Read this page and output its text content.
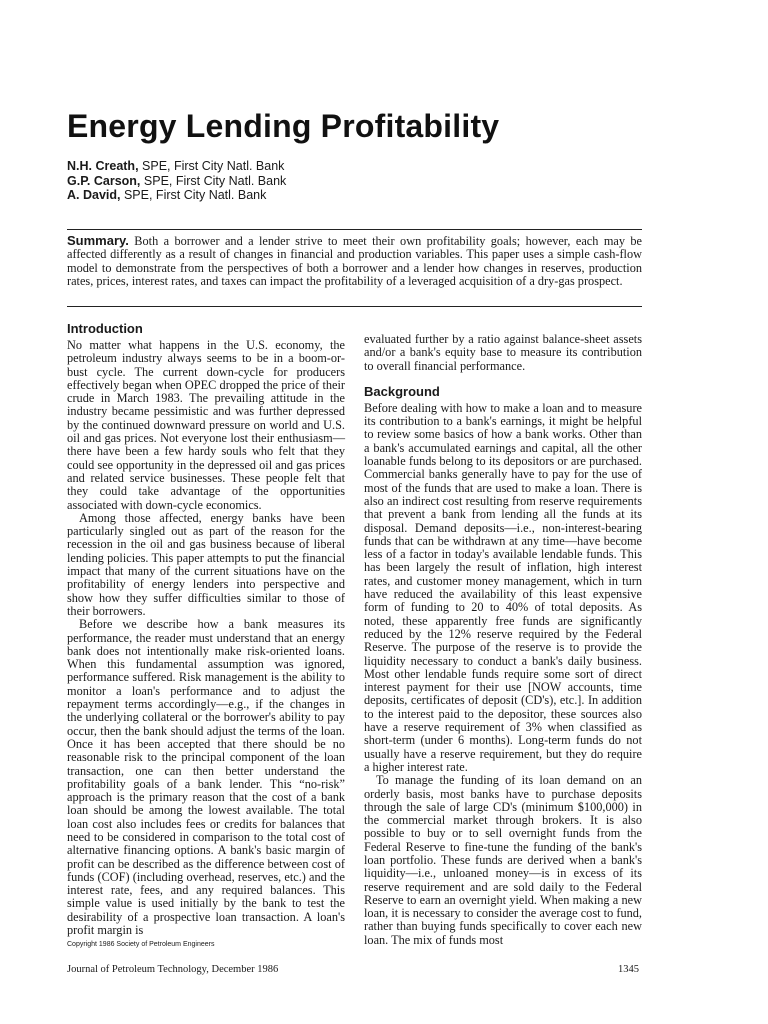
Energy Lending Profitability
N.H. Creath, SPE, First City Natl. Bank
G.P. Carson, SPE, First City Natl. Bank
A. David, SPE, First City Natl. Bank

Summary. Both a borrower and a lender strive to meet their own profitability goals; however, each may be affected differently as a result of changes in financial and production variables. This paper uses a simple cash-flow model to demonstrate from the perspectives of both a borrower and a lender how changes in reserves, production rates, prices, interest rates, and taxes can impact the profitability of a leveraged acquisition of a dry-gas prospect.

Introduction

No matter what happens in the U.S. economy, the petroleum industry always seems to be in a boom-or-bust cycle. The current down-cycle for producers effectively began when OPEC dropped the price of their crude in March 1983. The prevailing attitude in the industry became pessimistic and was further depressed by the continued downward pressure on world and U.S. oil and gas prices. Not everyone lost their enthusiasm—there have been a few hardy souls who felt that they could see opportunity in the depressed oil and gas prices and related service businesses. These people felt that they could take advantage of the opportunities associated with down-cycle economics.

Among those affected, energy banks have been particularly singled out as part of the reason for the recession in the oil and gas business because of liberal lending policies. This paper attempts to put the financial impact that many of the current situations have on the profitability of energy lenders into perspective and show how they suffer difficulties similar to those of their borrowers.

Before we describe how a bank measures its performance, the reader must understand that an energy bank does not intentionally make risk-oriented loans. When this fundamental assumption was ignored, performance suffered. Risk management is the ability to monitor a loan's performance and to adjust the repayment terms accordingly—e.g., if the changes in the underlying collateral or the borrower's ability to pay occur, then the bank should adjust the terms of the loan. Once it has been accepted that there should be no reasonable risk to the principal component of the loan transaction, one can then better understand the profitability goals of a bank lender. This “no-risk” approach is the primary reason that the cost of a bank loan should be among the lowest available. The total loan cost also includes fees or credits for balances that need to be considered in comparison to the total cost of alternative financing options. A bank's basic margin of profit can be described as the difference between cost of funds (COF) (including overhead, reserves, etc.) and the interest rate, fees, and any required balances. This simple value is used initially by the bank to test the desirability of a prospective loan transaction. A loan's profit margin is

evaluated further by a ratio against balance-sheet assets and/or a bank's equity base to measure its contribution to overall financial performance.

Background

Before dealing with how to make a loan and to measure its contribution to a bank's earnings, it might be helpful to review some basics of how a bank works. Other than a bank's accumulated earnings and capital, all the other loanable funds belong to its depositors or are purchased. Commercial banks generally have to pay for the use of most of the funds that are used to make a loan. There is also an indirect cost resulting from reserve requirements that prevent a bank from lending all the funds at its disposal. Demand deposits—i.e., non-interest-bearing funds that can be withdrawn at any time—have become less of a factor in today's available lendable funds. This has been largely the result of inflation, high interest rates, and customer money management, which in turn have reduced the availability of this least expensive form of funding to 20 to 40% of total deposits. As noted, these apparently free funds are significantly reduced by the 12% reserve required by the Federal Reserve. The purpose of the reserve is to provide the liquidity necessary to conduct a bank's daily business. Most other lendable funds require some sort of direct interest payment for their use [NOW accounts, time deposits, certificates of deposit (CD's), etc.]. In addition to the interest paid to the depositor, these sources also have a reserve requirement of 3% when classified as short-term (under 6 months). Long-term funds do not usually have a reserve requirement, but they do require a higher interest rate.

To manage the funding of its loan demand on an orderly basis, most banks have to purchase deposits through the sale of large CD's (minimum $100,000) in the commercial market through brokers. It is also possible to buy or to sell overnight funds from the Federal Reserve to fine-tune the funding of the bank's loan portfolio. These funds are derived when a bank's liquidity—i.e., unloaned money—is in excess of its reserve requirement and are sold daily to the Federal Reserve to earn an overnight yield. When making a new loan, it is necessary to consider the average cost to fund, rather than buying funds specifically to cover each new loan. The mix of funds most

Copyright 1986 Society of Petroleum Engineers

Journal of Petroleum Technology, December 1986	1345
